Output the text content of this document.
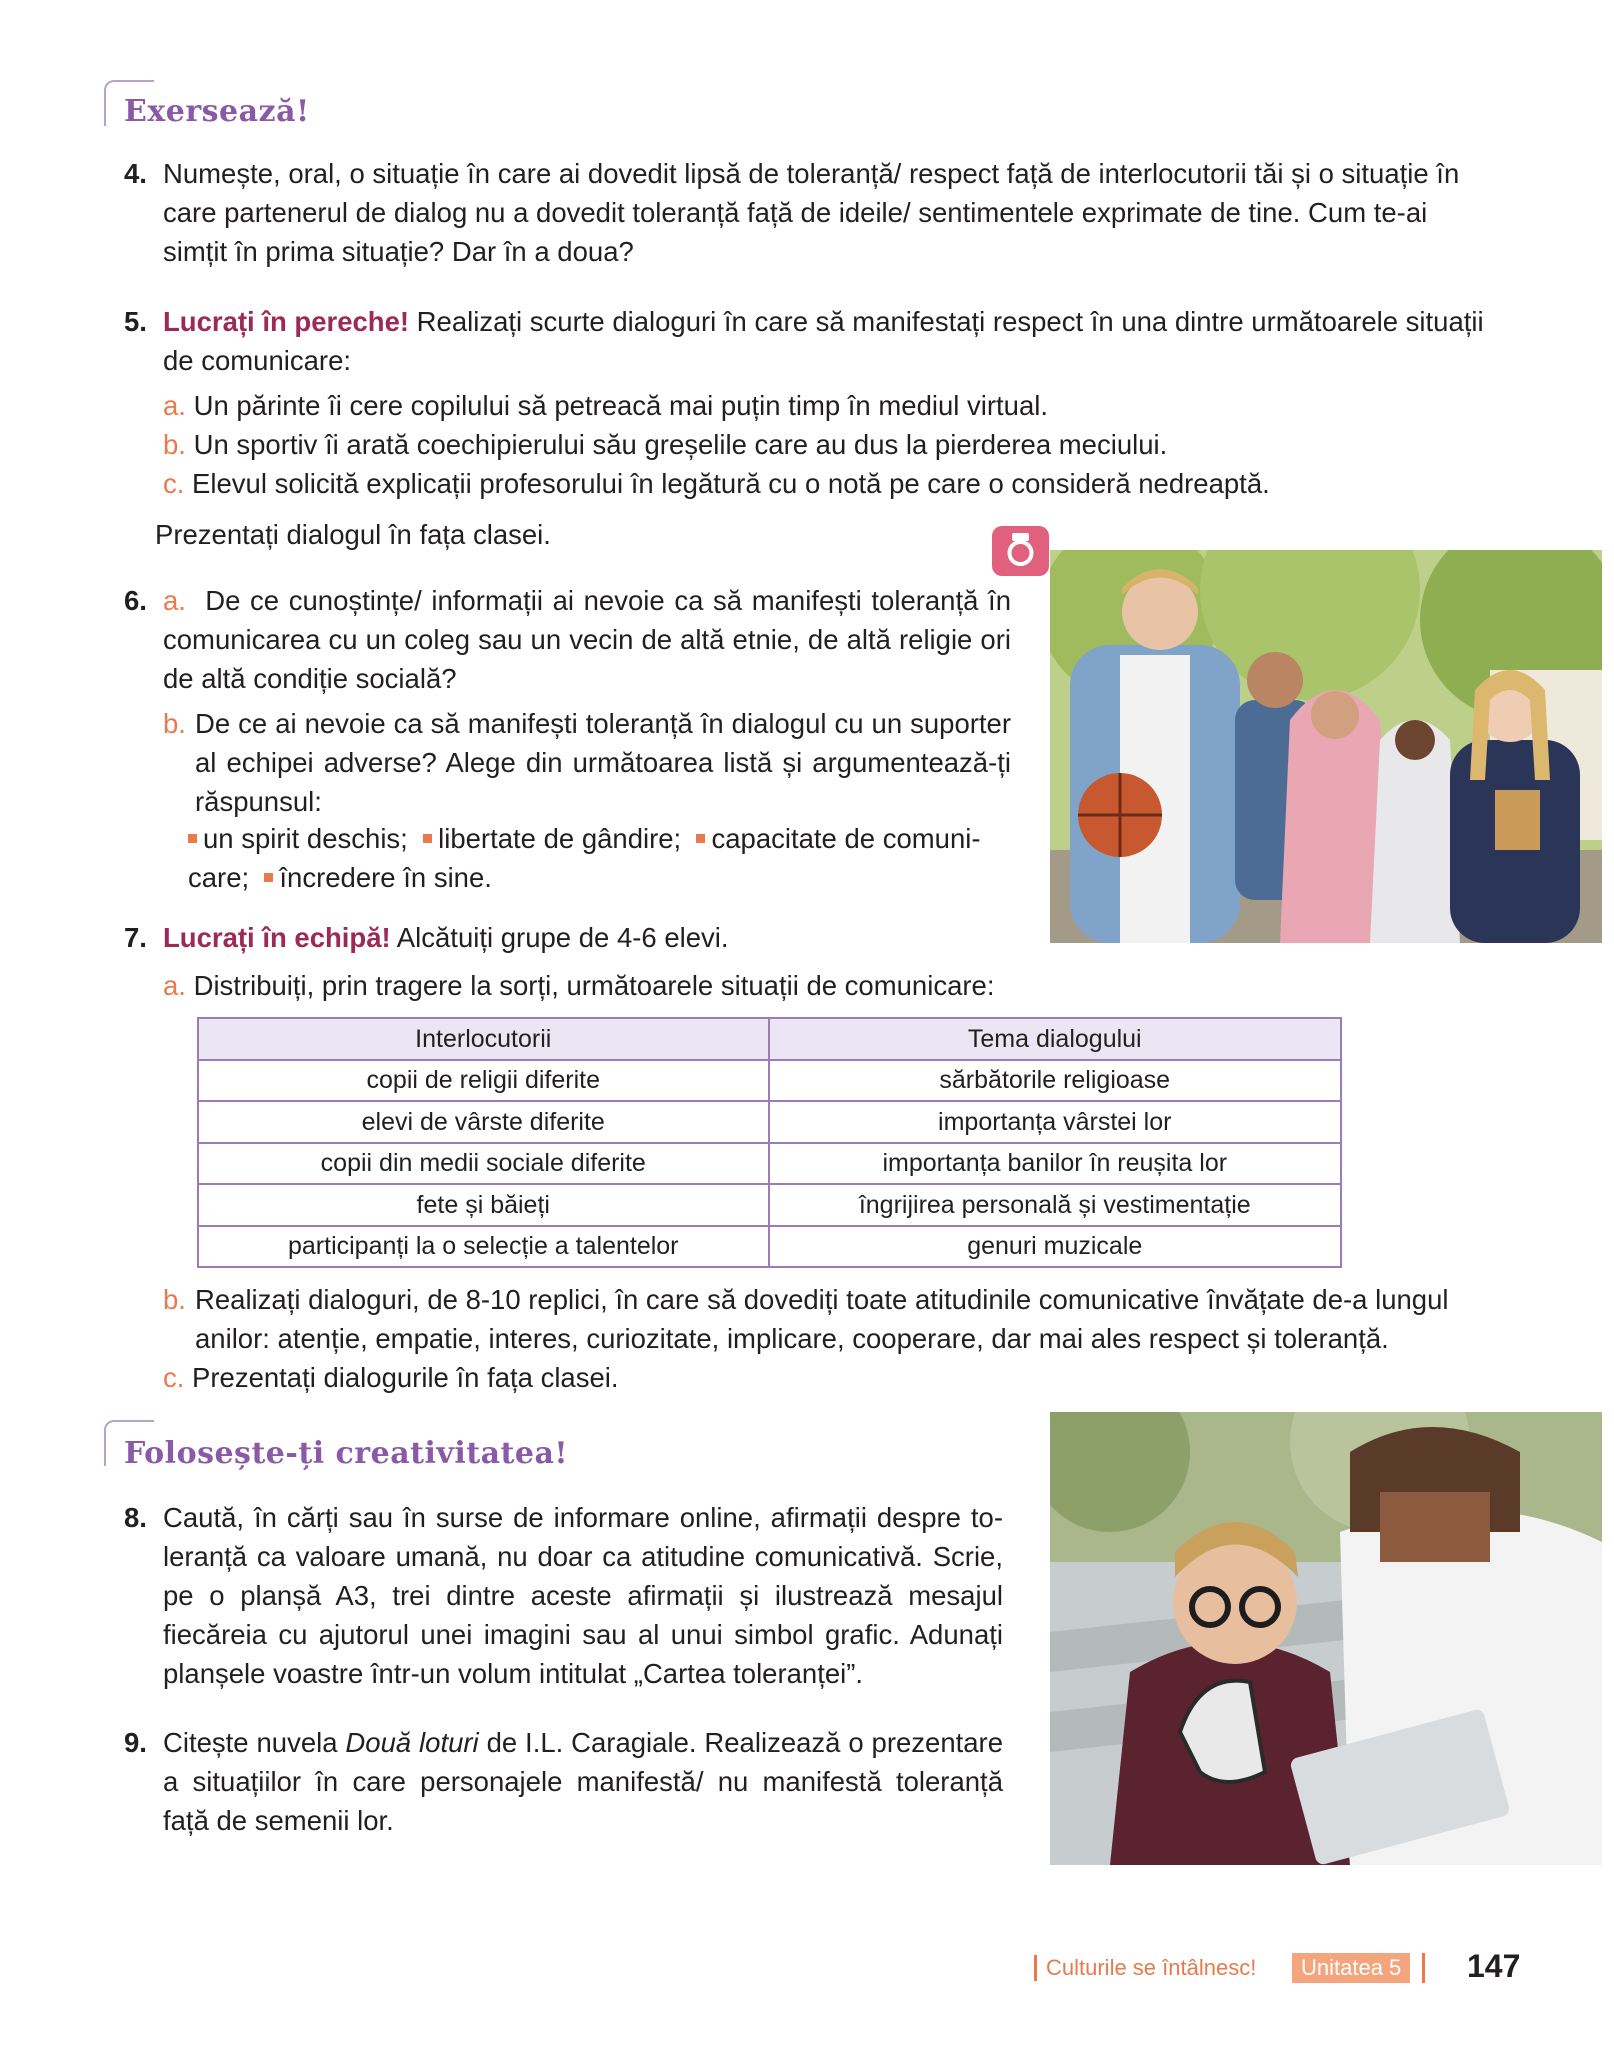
Exersează!
4. Numește, oral, o situație în care ai dovedit lipsă de toleranță/ respect față de interlocutorii tăi și o situație în
care partenerul de dialog nu a dovedit toleranță față de ideile/ sentimentele exprimate de tine. Cum te-ai
simțit în prima situație? Dar în a doua?
5. Lucrați în pereche! Realizați scurte dialoguri în care să manifestați respect în una dintre următoarele situații
de comunicare:
a. Un părinte îi cere copilului să petreacă mai puțin timp în mediul virtual.
b. Un sportiv îi arată coechipierului său greșelile care au dus la pierderea meciului.
c. Elevul solicită explicații profesorului în legătură cu o notă pe care o consideră nedreaptă.
Prezentați dialogul în fața clasei.
6. a. De ce cunoștințe/ informații ai nevoie ca să manifești toleranță în
comunicarea cu un coleg sau un vecin de altă etnie, de altă religie ori
de altă condiție socială?
b. De ce ai nevoie ca să manifești toleranță în dialogul cu un suporter
al echipei adverse? Alege din următoarea listă și argumentează-ți
răspunsul:
un spirit deschis; libertate de gândire; capacitate de comuni-
care; încredere în sine.
7. Lucrați în echipă! Alcătuiți grupe de 4-6 elevi.
a. Distribuiți, prin tragere la sorți, următoarele situații de comunicare:
Interlocutorii	Tema dialogului
copii de religii diferite	sărbătorile religioase
elevi de vârste diferite	importanța vârstei lor
copii din medii sociale diferite	importanța banilor în reușita lor
fete și băieți	îngrijirea personală și vestimentație
participanți la o selecție a talentelor	genuri muzicale
b. Realizați dialoguri, de 8-10 replici, în care să dovediți toate atitudinile comunicative învățate de-a lungul
anilor: atenție, empatie, interes, curiozitate, implicare, cooperare, dar mai ales respect și toleranță.
c. Prezentați dialogurile în fața clasei.
Folosește-ți creativitatea!
8. Caută, în cărți sau în surse de informare online, afirmații despre to-
leranță ca valoare umană, nu doar ca atitudine comunicativă. Scrie,
pe o planșă A3, trei dintre aceste afirmații și ilustrează mesajul
fiecăreia cu ajutorul unei imagini sau al unui simbol grafic. Adunați
planșele voastre într-un volum intitulat „Cartea toleranței”.
9. Citește nuvela Două loturi de I.L. Caragiale. Realizează o prezentare
a situațiilor în care personajele manifestă/ nu manifestă toleranță
față de semenii lor.
Culturile se întâlnesc!	Unitatea 5 147
